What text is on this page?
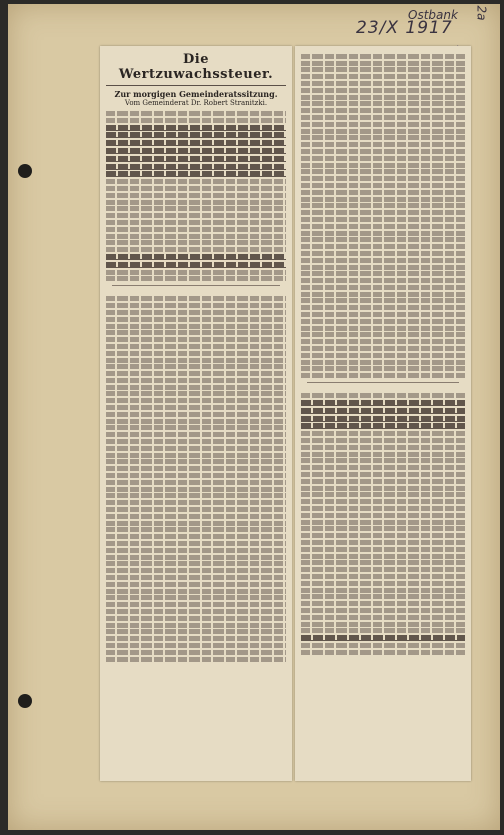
Ostbank
23/X 1917
2a
Die Wertzuwachssteuer.
Zur morgigen Gemeinderatssitzung.
Vom Gemeinderat Dr. Robert Stranitzki.
